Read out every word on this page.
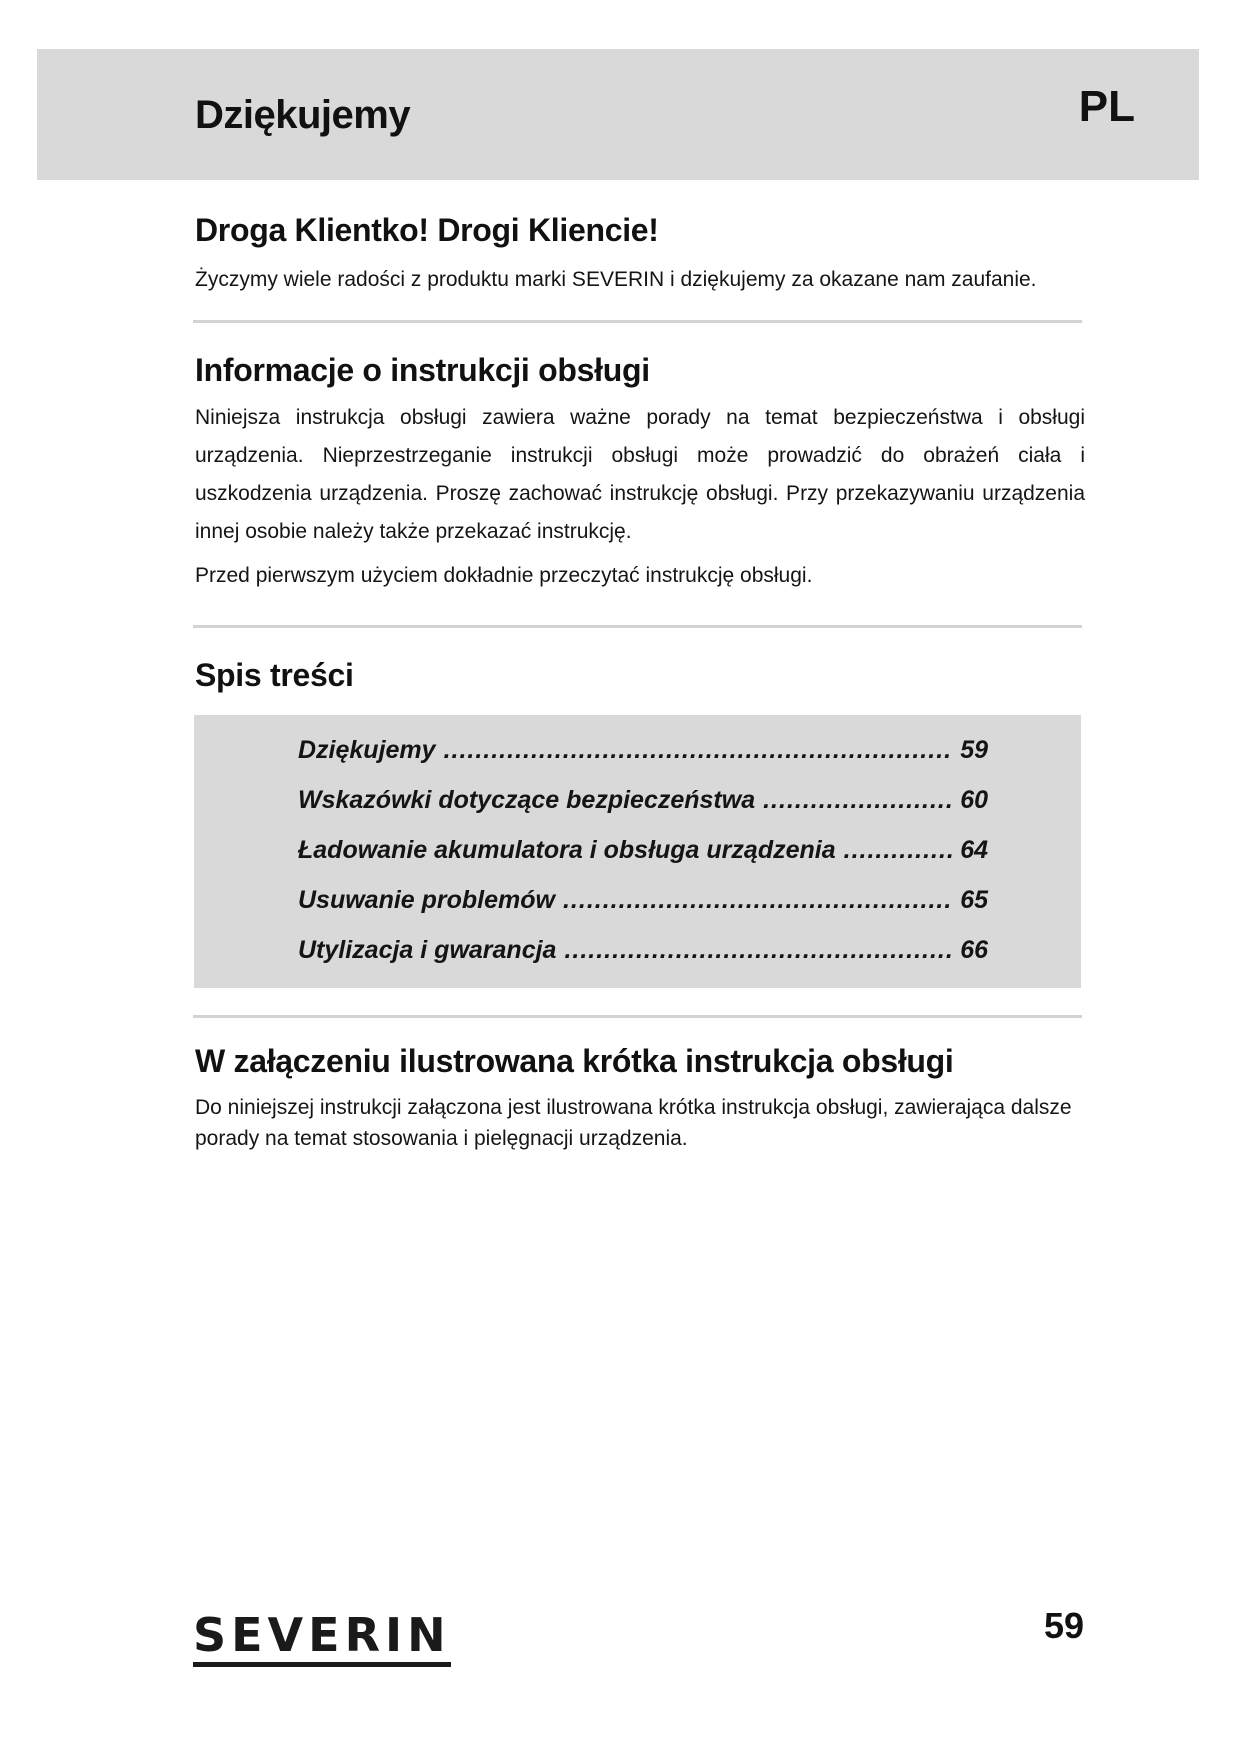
Dziękujemy	PL
Droga Klientko! Drogi Kliencie!

Życzymy wiele radości z produktu marki SEVERIN i dziękujemy za okazane nam zaufanie.

Informacje o instrukcji obsługi

Niniejsza instrukcja obsługi zawiera ważne porady na temat bezpieczeństwa i obsługi urządzenia. Nieprzestrzeganie instrukcji obsługi może prowadzić do obrażeń ciała i uszkodzenia urządzenia. Proszę zachować instrukcję obsługi. Przy przekazywaniu urządzenia innej osobie należy także przekazać instrukcję.

Przed pierwszym użyciem dokładnie przeczytać instrukcję obsługi.

Spis treści
Dziękujemy .....	59
Wskazówki dotyczące bezpieczeństwa .....	60
Ładowanie akumulatora i obsługa urządzenia .....	64
Usuwanie problemów .....	65
Utylizacja i gwarancja .....	66
W załączeniu ilustrowana krótka instrukcja obsługi

Do niniejszej instrukcji załączona jest ilustrowana krótka instrukcja obsługi, zawierająca dalsze
porady na temat stosowania i pielęgnacji urządzenia.

SEVERIN	59
